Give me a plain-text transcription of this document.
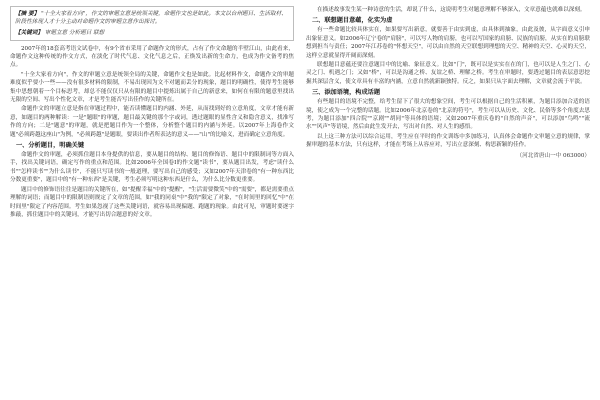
【摘 要】 "十全大家看方向"，作文的审题立意是统领关键，命题作文也是如此。本文以台州题目、生活取材、阶段性体现人才十分主动对命题作文的审题立意作出探讨。

【关键词】 审题立意 分析题目 联想

2007年的18套高考语文试卷中，有9个省市采用了命题作文的形式，占有了作文命题的半壁江山，由此看来，命题作文这种传统的作文方式，在淡化了时代气息、文化气息之后，正焕发出新的生命力，也成为作文备考的焦点。

"十全大家看方向"，作文的审题立意是统领全局的关键，命题作文也是如此。比起材料作文，命题作文的审题难度似乎要小一些——没有很多材料的限制，不易出现因为文不对题而丢分的现象，题目的明确性，使得考生能够集中思想朝着一个目标思考，却总不能仅仅只从有限的题目中提炼出属于自己的新意来，如何在有限的题意里找出无限的空间、写出个性化文章，才是考生能否写出佳作的关键所在。

命题作文的审题立意是指在审题过程中，能否读懂题目的内涵、外延，从而找到好的立意角度，文章才能有新意，如题目的两种解读：一是"题眼"的审题，题目最关键的那个字或词，透过题眼的显性含义和隐含意义，找准写作的方向；二是"题意"的审题，就是把题目作为一个整体，分析整个题目的内涵与外延。以2007年上海卷作文题"必须跨越这座山"为例，"必须跨越"是题眼，要读出作者所表达的意义——"山"的比喻义，进而确定立意角度。

一、分析题目，明确关键

命题作文的审题，必须抓住题目本身提供的信息，要从题目的结构、题目的修饰语、题目中的限制词等方面入手，找出关键词语，确定写作的重点和范围。比如2006年全国卷Ⅰ的作文题"读书"，要从题目出发，考虑"读什么书""怎样读书""为什么读书"，不能只写读书的一般道理，要写出自己的感受；又如2007年天津卷的"有一种东西比分数更重要"，题目中的"有一种东西"是关键，考生必须写明这种东西是什么，为什么比分数更重要。

题目中的修饰语往往是题目的关键所在，如"提醒幸福"中的"提醒"，"生活需要微笑"中的"需要"，都是需要重点理解的词语；而题目中的限制语则规定了文章的范围，如"我的同桌"中"我的"限定了对象，"在时间里的回忆"中"在时间里"限定了内容范围。考生如果忽视了这些关键词语，就容易出现偏题、跑题的现象。由此可见，审题时要逐字推敲，抓住题目中的关键词，才能写出切合题意的好文章。

在描述故事发生某一种诗意的生活，却说了什么，这说明考生对题意理解不够深入，文章意蕴也就难以深刻。

二、联想题目意蕴，化实为虚

有一些命题比较具体实在，如果要写出新意，就要善于由实到虚，由具体到抽象，由此及彼，从字面意义引申出象征意义。如2006年辽宁卷的"肩膀"，可以写人物的肩膀，也可以写国家的肩膀、民族的肩膀，从实在的肩膀联想到担当与责任；2007年江苏卷的"怀想天空"，可以由自然的天空联想到理想的天空、精神的天空、心灵的天空，这样立意就显得开阔而深刻。

联想题目意蕴还要注意题目中的比喻、象征意义。比如"门"，既可以是实实在在的门，也可以是人生之门、心灵之门、机遇之门；又如"桥"，可以是沟通之桥、友谊之桥、理解之桥。考生在审题时，要透过题目的表层意思挖掘其深层含义，使文章具有丰富的内涵，立意自然就新颖独特。反之，如果只从字面去理解，文章就会流于平淡。

三、添加语境，构成话题

有些题目的语境不完整，给考生留下了很大的想象空间，考生可以根据自己的生活积累，为题目添加合适的语境，使之成为一个完整的话题。比如2006年北京卷的"北京的符号"，考生可以从历史、文化、民俗等多个角度去思考，为题目添加"四合院""京剧""胡同"等具体的语境；又如2007年重庆卷的"自然的声音"，可以添加"鸟鸣""流水""风声"等语境，然后由此生发开去，写出对自然、对人生的感悟。

以上这三种方法可以综合运用，考生应在平时的作文训练中多加练习，认真体会命题作文审题立意的规律，掌握审题的基本方法，只有这样，才能在考场上从容应对，写出立意深刻、构思新颖的佳作。

（河北省唐山一中 063000）
